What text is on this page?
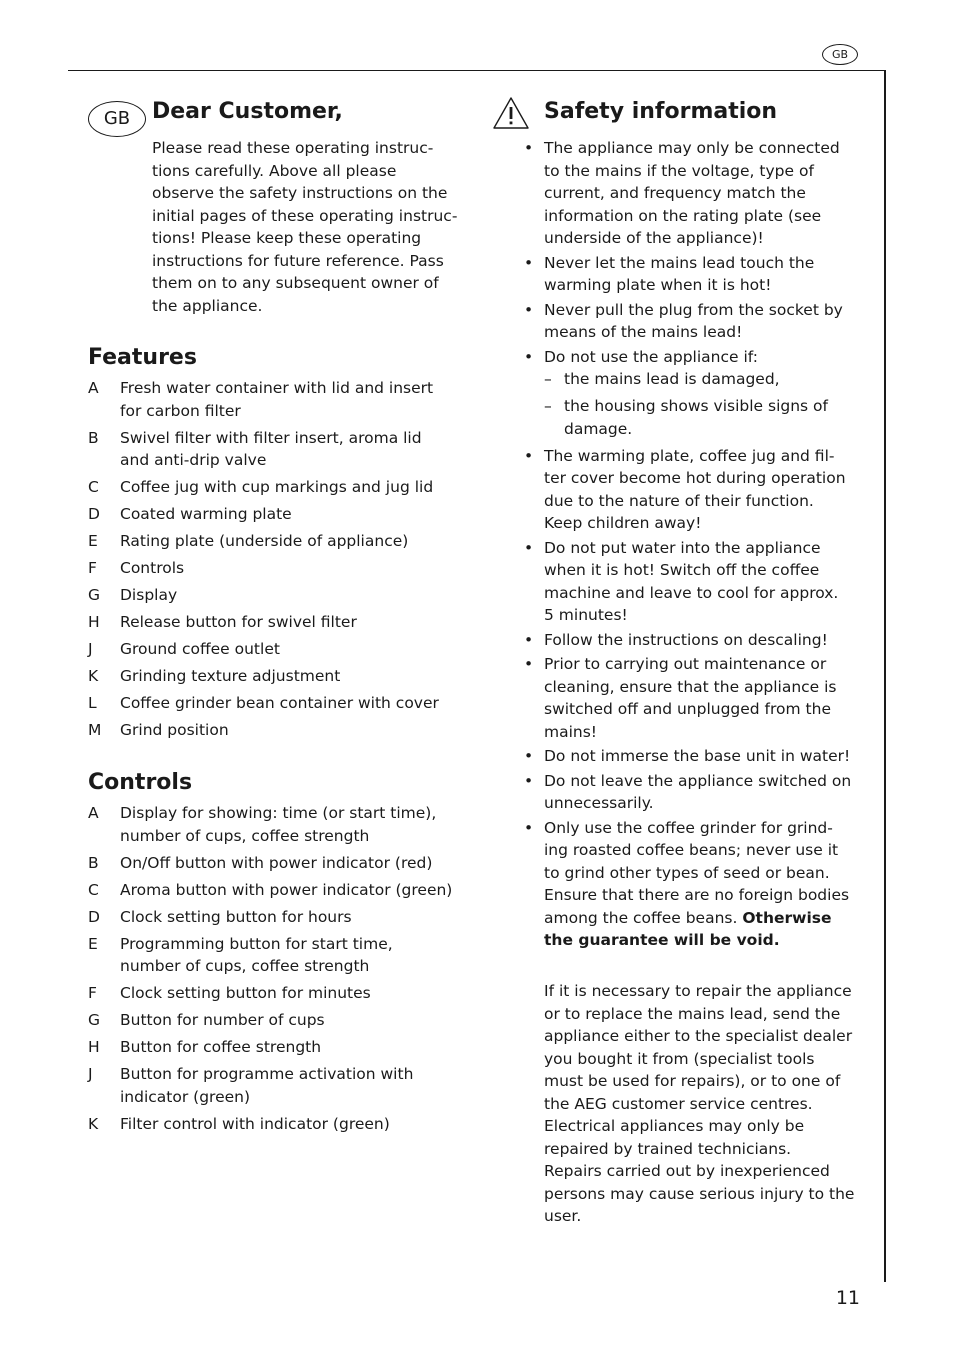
GB
GB Dear Customer,

Please read these operating instruc-
tions carefully. Above all please
observe the safety instructions on the
initial pages of these operating instruc-
tions! Please keep these operating
instructions for future reference. Pass
them on to any subsequent owner of
the appliance.

Features
A	Fresh water container with lid and insert
for carbon filter
B	Swivel filter with filter insert, aroma lid
and anti-drip valve
C	Coffee jug with cup markings and jug lid
D	Coated warming plate
E	Rating plate (underside of appliance)
F	Controls
G	Display
H	Release button for swivel filter
J	Ground coffee outlet
K	Grinding texture adjustment
L	Coffee grinder bean container with cover
M	Grind position
Controls
A	Display for showing: time (or start time),
number of cups, coffee strength
B	On/Off button with power indicator (red)
C	Aroma button with power indicator (green)
D	Clock setting button for hours
E	Programming button for start time,
number of cups, coffee strength
F	Clock setting button for minutes
G	Button for number of cups
H	Button for coffee strength
J	Button for programme activation with
indicator (green)
K	Filter control with indicator (green)
Safety information
• The appliance may only be connected
to the mains if the voltage, type of
current, and frequency match the
information on the rating plate (see
underside of the appliance)!
• Never let the mains lead touch the
warming plate when it is hot!
• Never pull the plug from the socket by
means of the mains lead!
• Do not use the appliance if:
– the mains lead is damaged,
– the housing shows visible signs of
damage.
• The warming plate, coffee jug and fil-
ter cover become hot during operation
due to the nature of their function.
Keep children away!
• Do not put water into the appliance
when it is hot! Switch off the coffee
machine and leave to cool for approx.
5 minutes!
• Follow the instructions on descaling!
• Prior to carrying out maintenance or
cleaning, ensure that the appliance is
switched off and unplugged from the
mains!
• Do not immerse the base unit in water!
• Do not leave the appliance switched on
unnecessarily.
• Only use the coffee grinder for grind-
ing roasted coffee beans; never use it
to grind other types of seed or bean.
Ensure that there are no foreign bodies
among the coffee beans. Otherwise
the guarantee will be void.

If it is necessary to repair the appliance
or to replace the mains lead, send the
appliance either to the specialist dealer
you bought it from (specialist tools
must be used for repairs), or to one of
the AEG customer service centres.
Electrical appliances may only be
repaired by trained technicians.
Repairs carried out by inexperienced
persons may cause serious injury to the
user.

11
